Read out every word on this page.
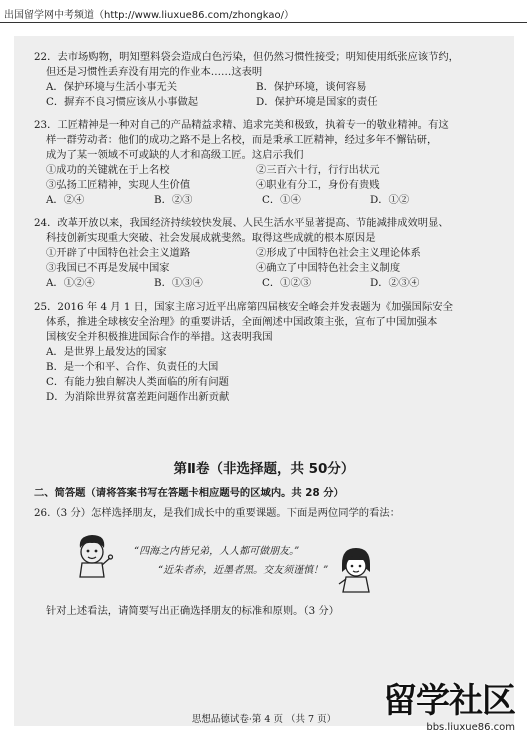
出国留学网中考频道（http://www.liuxue86.com/zhongkao/）
22．去市场购物，明知塑料袋会造成白色污染，但仍然习惯性接受；明知使用纸张应该节约，
但还是习惯性丢弃没有用完的作业本……这表明
A．保护环境与生活小事无关	B．保护环境，谈何容易
C．摒弃不良习惯应该从小事做起	D．保护环境是国家的责任
23．工匠精神是一种对自己的产品精益求精、追求完美和极致，执着专一的敬业精神。有这
样一群劳动者：他们的成功之路不是上名校，而是秉承工匠精神，经过多年不懈钻研，
成为了某一领域不可或缺的人才和高级工匠。这启示我们
①成功的关键就在于上名校	②三百六十行，行行出状元
③弘扬工匠精神，实现人生价值	④职业有分工，身份有贵贱
A．②④	B．②③	C．①④	D．①②
24．改革开放以来，我国经济持续较快发展、人民生活水平显著提高、节能减排成效明显、
科技创新实现重大突破、社会发展成就斐然。取得这些成就的根本原因是
①开辟了中国特色社会主义道路	②形成了中国特色社会主义理论体系
③我国已不再是发展中国家	④确立了中国特色社会主义制度
A．①②④	B．①③④	C．①②③	D．②③④
25．2016 年 4 月 1 日，国家主席习近平出席第四届核安全峰会并发表题为《加强国际安全
体系，推进全球核安全治理》的重要讲话，全面阐述中国政策主张，宣布了中国加强本
国核安全并积极推进国际合作的举措。这表明我国
A．是世界上最发达的国家
B．是一个和平、合作、负责任的大国
C．有能力独自解决人类面临的所有问题
D．为消除世界贫富差距问题作出新贡献
第Ⅱ卷（非选择题，共 50分）
二、简答题（请将答案书写在答题卡相应题号的区域内。共 28 分）
26.（3 分）怎样选择朋友，是我们成长中的重要课题。下面是两位同学的看法：
“四海之内皆兄弟，人人都可做朋友。”
“近朱者赤，近墨者黑。交友须谨慎！”
针对上述看法，请简要写出正确选择朋友的标准和原则。（3 分）
思想品德试卷·第 4 页 （共 7 页）	留学社区
bbs.liuxue86.com
